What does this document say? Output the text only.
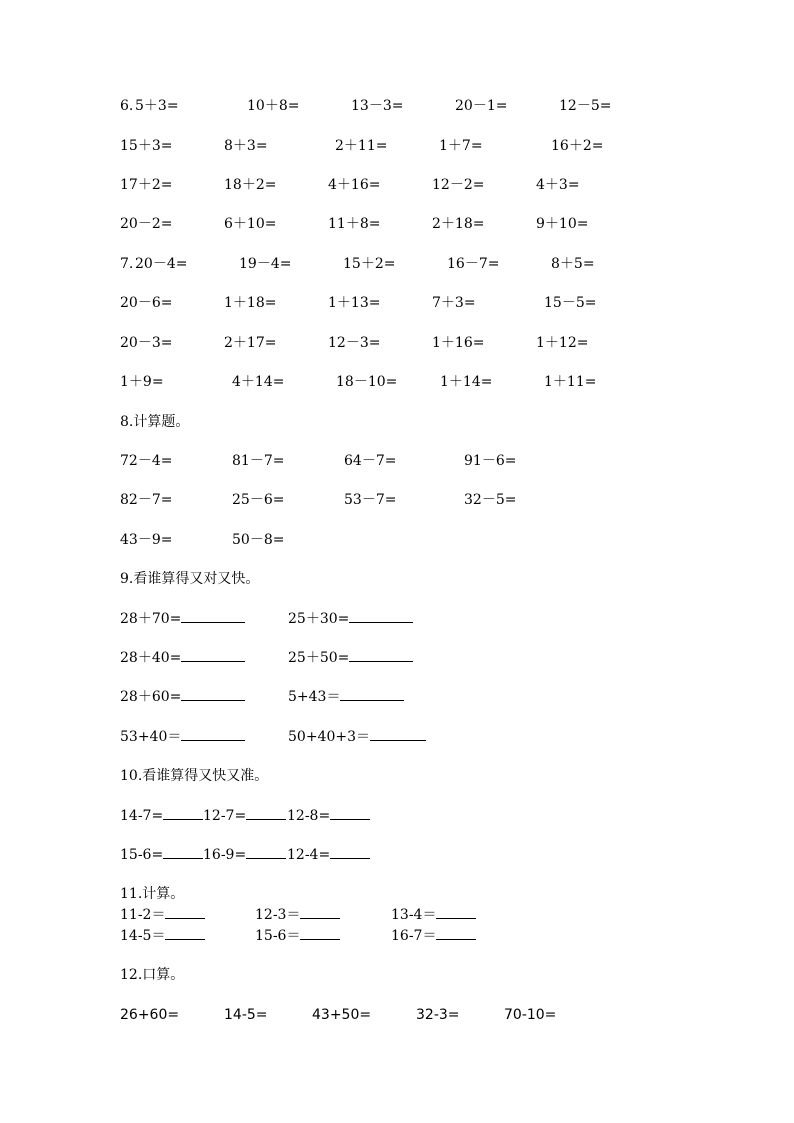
6. 5＋3=	10＋8=	13－3=	20－1=	12－5=
15＋3=	8＋3=	2＋11=	1＋7=	16＋2=
17＋2=	18＋2=	4＋16=	12－2=	4＋3=
20－2=	6＋10=	11＋8=	2＋18=	9＋10=
7. 20－4=	19－4=	15＋2=	16－7=	8＋5=
20－6=	1＋18=	1＋13=	7＋3=	15－5=
20－3=	2＋17=	12－3=	1＋16=	1＋12=
1＋9=	4＋14=	18－10=	1＋14=	1＋11=
8.计算题。
72－4=	81－7=	64－7=	91－6=
82－7=	25－6=	53－7=	32－5=
43－9=	50－8=
9.看谁算得又对又快。
28＋70=	25＋30=
28＋40=	25＋50=
28＋60=	5+43＝
53+40＝	50+40+3＝
10.看谁算得又快又准。
14-7=	12-7=	12-8=
15-6=	16-9=	12-4=
11.计算。
11-2＝	12-3＝	13-4＝
14-5＝	15-6＝	16-7＝
12.口算。
26+60=	14-5=	43+50=	32-3=	70-10=
